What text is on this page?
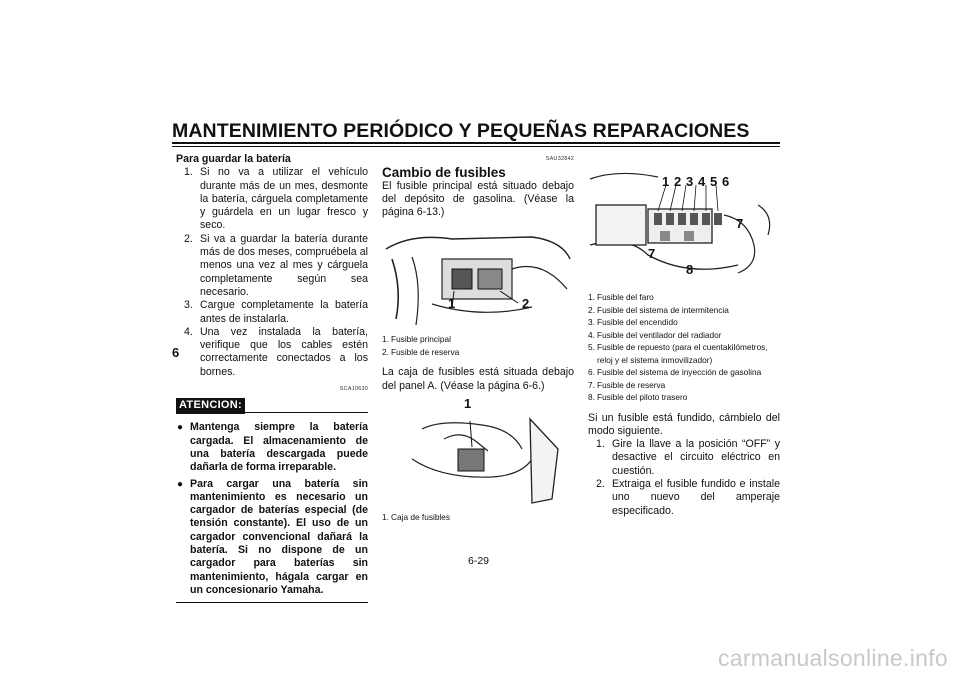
MANTENIMIENTO PERIÓDICO Y PEQUEÑAS REPARACIONES
6
Para guardar la batería
1. Si no va a utilizar el vehículo durante más de un mes, desmonte la batería, cárguela completamente y guárdela en un lugar fresco y seco.
2. Si va a guardar la batería durante más de dos meses, compruébela al menos una vez al mes y cárguela completamente según sea necesario.
3. Cargue completamente la batería antes de instalarla.
4. Una vez instalada la batería, verifique que los cables estén correctamente conectados a los bornes.
SCA10630
ATENCION:
● Mantenga siempre la batería cargada. El almacenamiento de una batería descargada puede dañarla de forma irreparable.
● Para cargar una batería sin mantenimiento es necesario un cargador de baterías especial (de tensión constante). El uso de un cargador convencional dañará la batería. Si no dispone de un cargador para baterías sin mantenimiento, hágala cargar en un concesionario Yamaha.
SAU32842
Cambio de fusibles
El fusible principal está situado debajo del depósito de gasolina. (Véase la página 6-13.)
1	2
1. Fusible principal
2. Fusible de reserva
La caja de fusibles está situada debajo del panel A. (Véase la página 6-6.)
1
1. Caja de fusibles
1 2 3 4 5 6
7
7
8
1. Fusible del faro
2. Fusible del sistema de intermitencia
3. Fusible del encendido
4. Fusible del ventilador del radiador
5. Fusible de repuesto (para el cuentakilómetros, reloj y el sistema inmovilizador)
6. Fusible del sistema de inyección de gasolina
7. Fusible de reserva
8. Fusible del piloto trasero
Si un fusible está fundido, cámbielo del modo siguiente.
1. Gire la llave a la posición “OFF” y desactive el circuito eléctrico en cuestión.
2. Extraiga el fusible fundido e instale uno nuevo del amperaje especificado.
6-29
carmanualsonline.info
